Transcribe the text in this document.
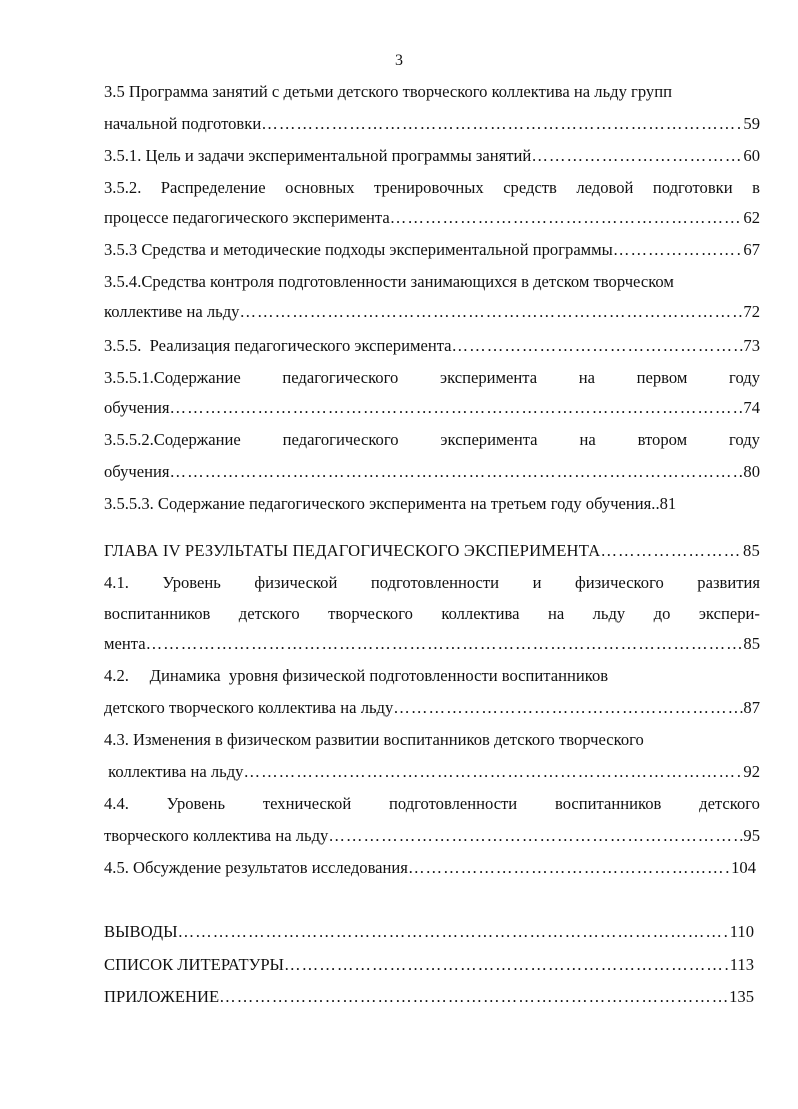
3
3.5 Программа занятий с детьми детского творческого коллектива на льду групп
начальной подготовки …………………………………………………………………………………………………………………………………………………………………………………………………………	59
3.5.1. Цель и задачи экспериментальной программы занятий …………………………………………………………………………………………………………………………………………………………………………………………………………	60
3.5.2. Распределение основных тренировочных средств ледовой подготовки в
процессе педагогического эксперимента …………………………………………………………………………………………………………………………………………………………………………………………………………	62
3.5.3 Средства и методические подходы экспериментальной программы …………………………………………………………………………………………………………………………………………………………………………………………………………	67
3.5.4.Средства контроля подготовленности занимающихся в детском творческом
коллективе на льду …………………………………………………………………………………………………………………………………………………………………………………………………………	72
3.5.5.  Реализация педагогического эксперимента …………………………………………………………………………………………………………………………………………………………………………………………………………	73
3.5.5.1.Содержание	педагогического	эксперимента	на	первом	году
обучения …………………………………………………………………………………………………………………………………………………………………………………………………………	74
3.5.5.2.Содержание	педагогического	эксперимента	на	втором	году
обучения …………………………………………………………………………………………………………………………………………………………………………………………………………	80
3.5.5.3. Содержание педагогического эксперимента на третьем году обучения..81
ГЛАВА IV РЕЗУЛЬТАТЫ ПЕДАГОГИЧЕСКОГО ЭКСПЕРИМЕНТА …………………………………………………………………………………………………………………………………………………………………………………………………………	85
4.1. Уровень физической подготовленности и физического развития
воспитанников детского творческого коллектива на льду до экспери-
мента …………………………………………………………………………………………………………………………………………………………………………………………………………	85
4.2.     Динамика  уровня физической подготовленности воспитанников
детского творческого коллектива на льду …………………………………………………………………………………………………………………………………………………………………………………………………………	87
4.3. Изменения в физическом развитии воспитанников детского творческого
коллектива на льду …………………………………………………………………………………………………………………………………………………………………………………………………………	92
4.4. Уровень технической подготовленности воспитанников детского
творческого коллектива на льду …………………………………………………………………………………………………………………………………………………………………………………………………………	95
4.5. Обсуждение результатов исследования …………………………………………………………………………………………………………………………………………………………………………………………………………	104
ВЫВОДЫ …………………………………………………………………………………………………………………………………………………………………………………………………………	110
СПИСОК ЛИТЕРАТУРЫ …………………………………………………………………………………………………………………………………………………………………………………………………………	113
ПРИЛОЖЕНИЕ …………………………………………………………………………………………………………………………………………………………………………………………………………	135
